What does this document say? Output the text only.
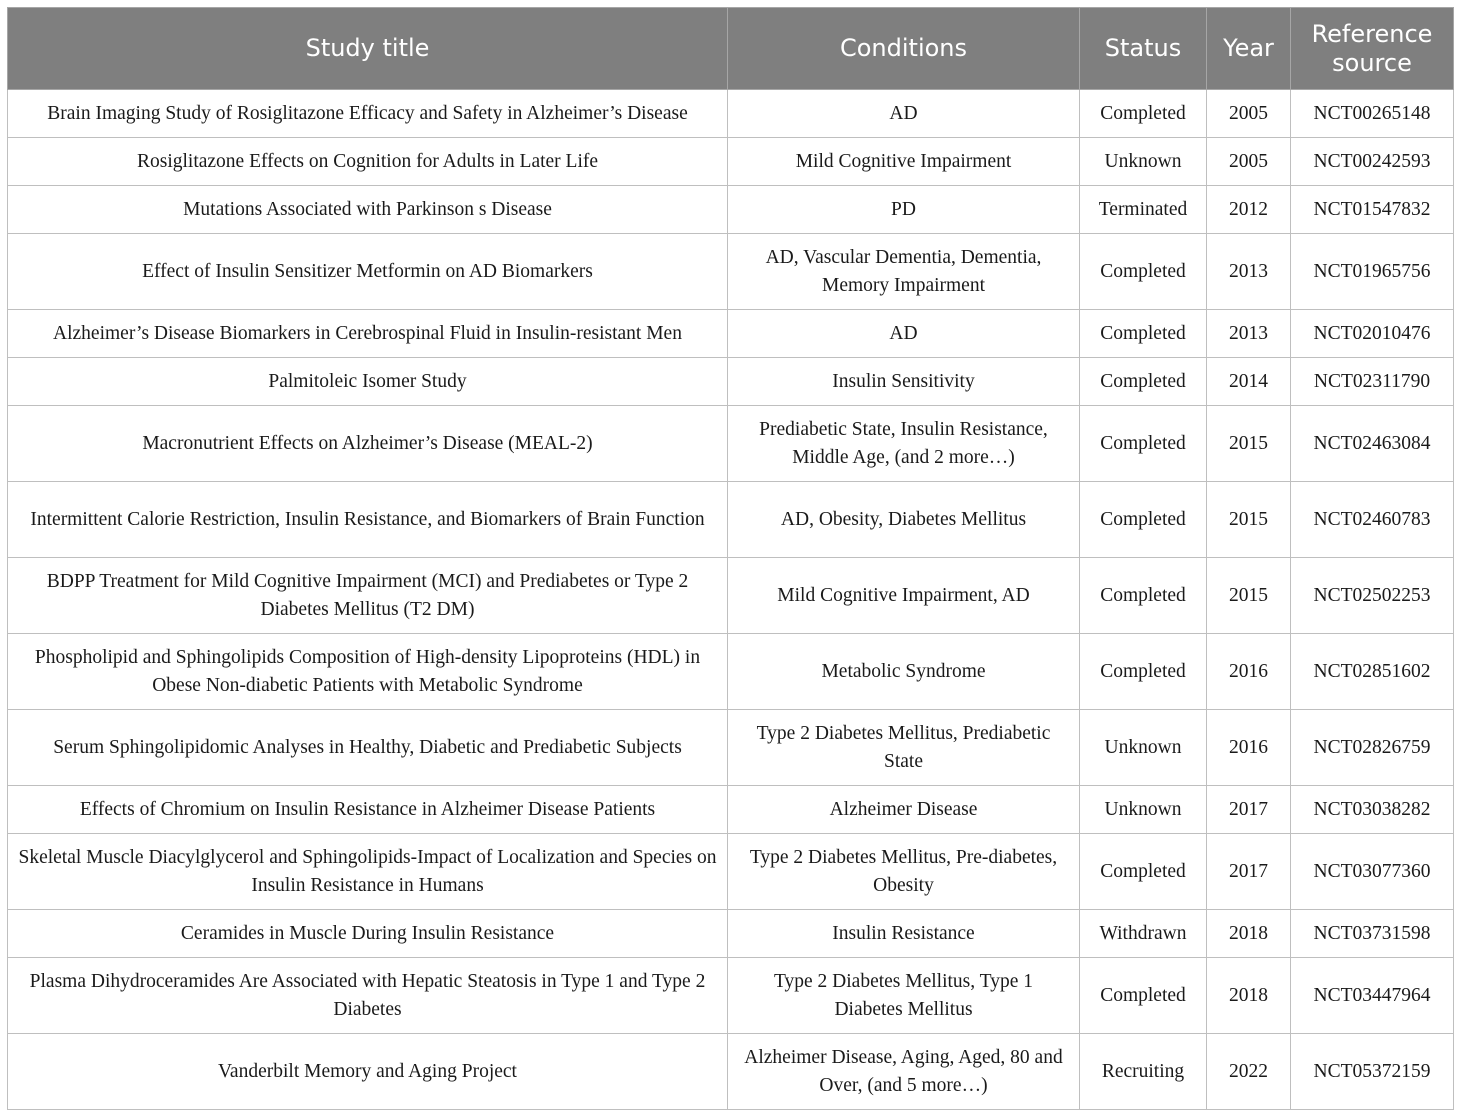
Study title	Conditions	Status	Year	Reference source
Brain Imaging Study of Rosiglitazone Efficacy and Safety in Alzheimer’s Disease	AD	Completed	2005	NCT00265148
Rosiglitazone Effects on Cognition for Adults in Later Life	Mild Cognitive Impairment	Unknown	2005	NCT00242593
Mutations Associated with Parkinson s Disease	PD	Terminated	2012	NCT01547832
Effect of Insulin Sensitizer Metformin on AD Biomarkers	AD, Vascular Dementia, Dementia, Memory Impairment	Completed	2013	NCT01965756
Alzheimer’s Disease Biomarkers in Cerebrospinal Fluid in Insulin-resistant Men	AD	Completed	2013	NCT02010476
Palmitoleic Isomer Study	Insulin Sensitivity	Completed	2014	NCT02311790
Macronutrient Effects on Alzheimer’s Disease (MEAL-2)	Prediabetic State, Insulin Resistance, Middle Age, (and 2 more…)	Completed	2015	NCT02463084
Intermittent Calorie Restriction, Insulin Resistance, and Biomarkers of Brain Function	AD, Obesity, Diabetes Mellitus	Completed	2015	NCT02460783
BDPP Treatment for Mild Cognitive Impairment (MCI) and Prediabetes or Type 2 Diabetes Mellitus (T2 DM)	Mild Cognitive Impairment, AD	Completed	2015	NCT02502253
Phospholipid and Sphingolipids Composition of High-density Lipoproteins (HDL) in Obese Non-diabetic Patients with Metabolic Syndrome	Metabolic Syndrome	Completed	2016	NCT02851602
Serum Sphingolipidomic Analyses in Healthy, Diabetic and Prediabetic Subjects	Type 2 Diabetes Mellitus, Prediabetic State	Unknown	2016	NCT02826759
Effects of Chromium on Insulin Resistance in Alzheimer Disease Patients	Alzheimer Disease	Unknown	2017	NCT03038282
Skeletal Muscle Diacylglycerol and Sphingolipids-Impact of Localization and Species on Insulin Resistance in Humans	Type 2 Diabetes Mellitus, Pre-diabetes, Obesity	Completed	2017	NCT03077360
Ceramides in Muscle During Insulin Resistance	Insulin Resistance	Withdrawn	2018	NCT03731598
Plasma Dihydroceramides Are Associated with Hepatic Steatosis in Type 1 and Type 2 Diabetes	Type 2 Diabetes Mellitus, Type 1 Diabetes Mellitus	Completed	2018	NCT03447964
Vanderbilt Memory and Aging Project	Alzheimer Disease, Aging, Aged, 80 and Over, (and 5 more…)	Recruiting	2022	NCT05372159
